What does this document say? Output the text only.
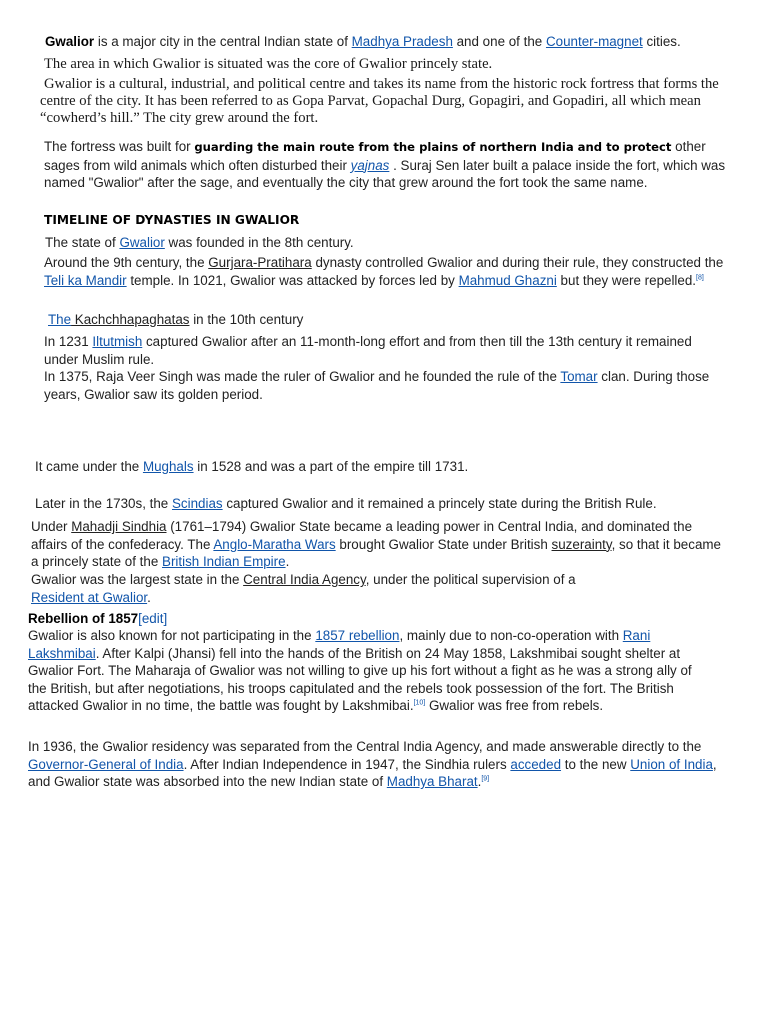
Gwalior is a major city in the central Indian state of Madhya Pradesh and one of the Counter-magnet cities.
The area in which Gwalior is situated was the core of Gwalior princely state.
Gwalior is a cultural, industrial, and political centre and takes its name from the historic rock fortress that forms the centre of the city. It has been referred to as Gopa Parvat, Gopachal Durg, Gopagiri, and Gopadiri, all which mean “cowherd’s hill.” The city grew around the fort.
The fortress was built for guarding the main route from the plains of northern India and to protect other sages from wild animals which often disturbed their yajnas . Suraj Sen later built a palace inside the fort, which was named "Gwalior" after the sage, and eventually the city that grew around the fort took the same name.
TIMELINE OF DYNASTIES IN GWALIOR
The state of Gwalior was founded in the 8th century.
Around the 9th century, the Gurjara-Pratihara dynasty controlled Gwalior and during their rule, they constructed the Teli ka Mandir temple. In 1021, Gwalior was attacked by forces led by Mahmud Ghazni but they were repelled.[8]
The Kachchhapaghatas in the 10th century
In 1231 Iltutmish captured Gwalior after an 11-month-long effort and from then till the 13th century it remained under Muslim rule.
In 1375, Raja Veer Singh was made the ruler of Gwalior and he founded the rule of the Tomar clan. During those years, Gwalior saw its golden period.
It came under the Mughals in 1528 and was a part of the empire till 1731.
Later in the 1730s, the Scindias captured Gwalior and it remained a princely state during the British Rule.
Under Mahadji Sindhia (1761–1794) Gwalior State became a leading power in Central India, and dominated the affairs of the confederacy. The Anglo-Maratha Wars brought Gwalior State under British suzerainty, so that it became a princely state of the British Indian Empire.
Gwalior was the largest state in the Central India Agency, under the political supervision of a Resident at Gwalior.
Rebellion of 1857[edit]
Gwalior is also known for not participating in the 1857 rebellion, mainly due to non-co-operation with Rani Lakshmibai. After Kalpi (Jhansi) fell into the hands of the British on 24 May 1858, Lakshmibai sought shelter at Gwalior Fort. The Maharaja of Gwalior was not willing to give up his fort without a fight as he was a strong ally of the British, but after negotiations, his troops capitulated and the rebels took possession of the fort. The British attacked Gwalior in no time, the battle was fought by Lakshmibai.[10] Gwalior was free from rebels.
In 1936, the Gwalior residency was separated from the Central India Agency, and made answerable directly to the Governor-General of India. After Indian Independence in 1947, the Sindhia rulers acceded to the new Union of India, and Gwalior state was absorbed into the new Indian state of Madhya Bharat.[9]
